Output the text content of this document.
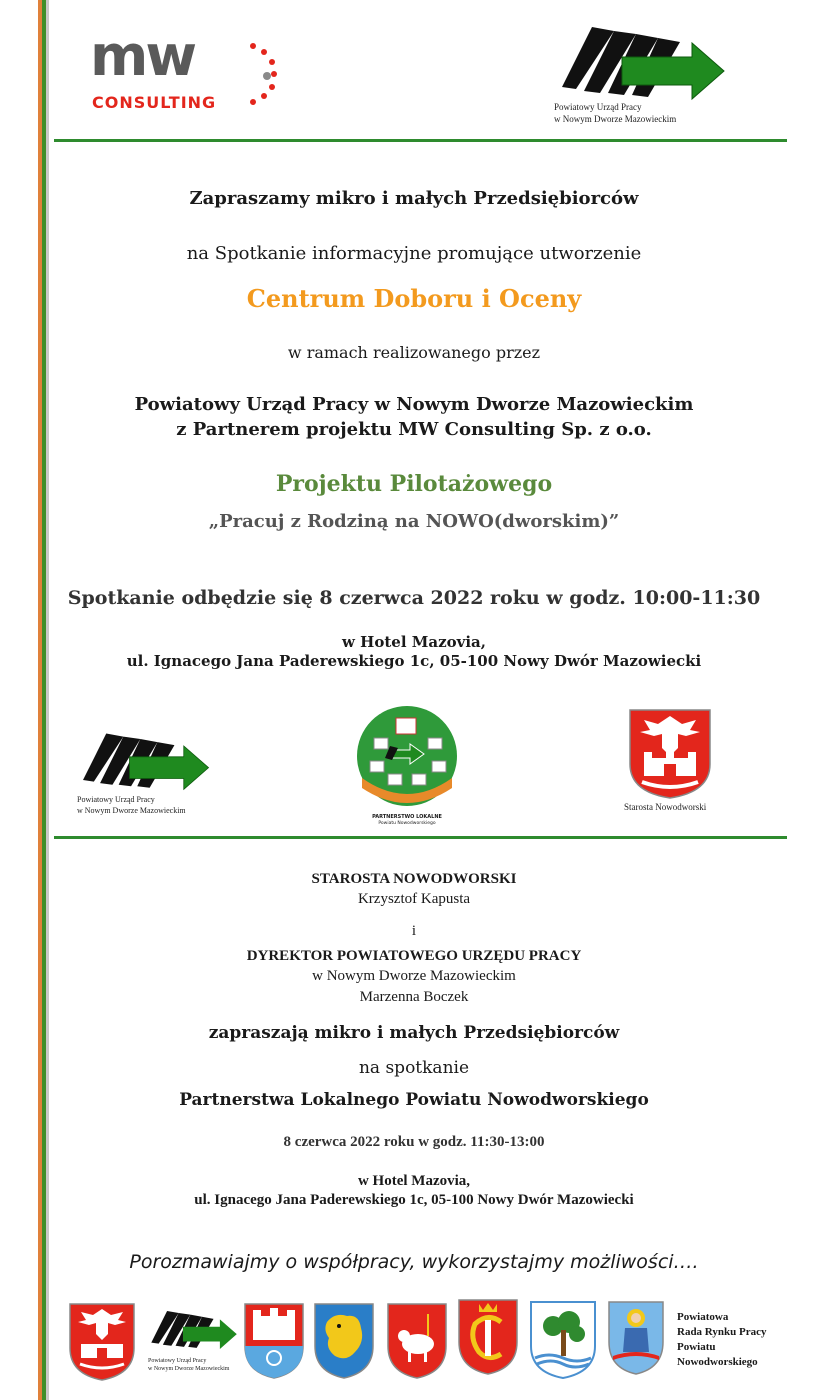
mw
CONSULTING	Powiatowy Urząd Pracy
w Nowym Dworze Mazowieckim
Zapraszamy mikro i małych Przedsiębiorców
na Spotkanie informacyjne promujące utworzenie
Centrum Doboru i Oceny
w ramach realizowanego przez
Powiatowy Urząd Pracy w Nowym Dworze Mazowieckim
z Partnerem projektu MW Consulting Sp. z o.o.
Projektu Pilotażowego
„Pracuj z Rodziną na NOWO(dworskim)”
Spotkanie odbędzie się 8 czerwca 2022 roku w godz. 10:00-11:30
w Hotel Mazovia,
ul. Ignacego Jana Paderewskiego 1c, 05-100 Nowy Dwór Mazowiecki
Powiatowy Urząd Pracy
w Nowym Dworze Mazowieckim
PARTNERSTWO LOKALNE
Powiatu Nowodworskiego
Starosta Nowodworski
STAROSTA NOWODWORSKI
Krzysztof Kapusta
i
DYREKTOR POWIATOWEGO URZĘDU PRACY
w Nowym Dworze Mazowieckim
Marzenna Boczek
zapraszają mikro i małych Przedsiębiorców
na spotkanie
Partnerstwa Lokalnego Powiatu Nowodworskiego
8 czerwca 2022 roku w godz. 11:30-13:00
w Hotel Mazovia,
ul. Ignacego Jana Paderewskiego 1c, 05-100 Nowy Dwór Mazowiecki
Porozmawiajmy o współpracy, wykorzystajmy możliwości….
Powiatowy Urząd Pracy
w Nowym Dworze Mazowieckim
Powiatowa
Rada Rynku Pracy
Powiatu
Nowodworskiego
